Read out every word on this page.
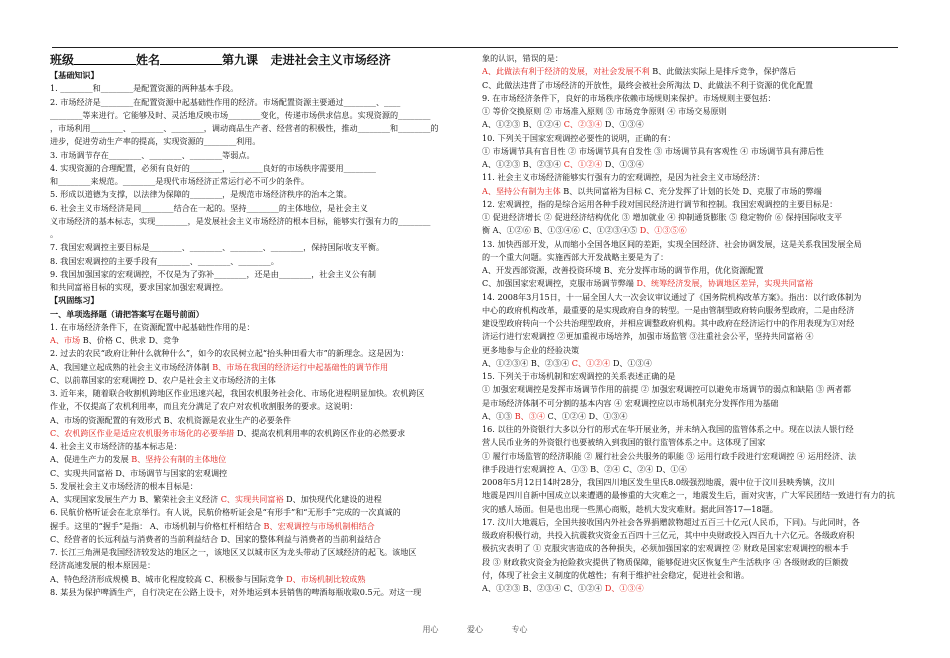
班级	姓名	第九课 走进社会主义市场经济

【基础知识】

1. ________和________是配置资源的两种基本手段。

2. 市场经济是________在配置资源中起基础性作用的经济。市场配置资源主要通过________、____

________等来进行。它能够及时、灵活地反映市场________变化，传递市场供求信息。实现资源的________

，市场利用________、________、________，调动商品生产者、经营者的积极性，推动________和________的

进步，促进劳动生产率的提高，实现资源的________利用。

3. 市场调节存在________、________、________等弱点。

4. 实现资源的合理配置，必须有良好的________，________良好的市场秩序需要用________

和________来规范。________是现代市场经济正常运行必不可少的条件。

5. 形成以道德为支撑，以法律为保障的________，是规范市场经济秩序的治本之策。

6. 社会主义市场经济是同________结合在一起的。坚持________的主体地位，是社会主义

义市场经济的基本标志，实现________，是发展社会主义市场经济的根本目标，能够实行强有力的________

。

7. 我国宏观调控主要目标是________、________、________、________，保持国际收支平衡。

8. 我国宏观调控的主要手段有________、________、________。

9. 我国加强国家的宏观调控，不仅是为了弥补________，还是由________，社会主义公有制

和共同富裕目标的实现，要求国家加强宏观调控。

【巩固练习】

一、单项选择题（请把答案写在题号前面）

1. 在市场经济条件下，在资源配置中起基础性作用的是：

A、市场 B、价格 C、供求 D、竞争

2. 过去的农民“政府让种什么就种什么”，如今的农民树立起“抬头种田看大市”的新理念。这是因为：

A、我国建立起成熟的社会主义市场经济体制 B、市场在我国的经济运行中起基础性的调节作用

C、以前靠国家的宏观调控 D、农户是社会主义市场经济的主体

3. 近年来，随着联合收割机跨地区作业迅速兴起，我国农机服务社会化、市场化进程明显加快。农机跨区

作业，不仅提高了农机利用率，而且充分满足了农户对农机收割服务的要求。这说明：

A、市场的资源配置的有效形式 B、农机资源是农业生产的必要条件

C、农机跨区作业是适应农机服务市场化的必要举措 D、提高农机利用率的农机跨区作业的必然要求

4. 社会主义市场经济的基本标志是：

A、促进生产力的发展 B、坚持公有制的主体地位

C、实现共同富裕 D、市场调节与国家的宏观调控

5. 发展社会主义市场经济的根本目标是：

A、实现国家发展生产力 B、繁荣社会主义经济 C、实现共同富裕 D、加快现代化建设的进程

6. 民航价格听证会在北京举行。有人说，民航价格听证会是“有形手”和“无形手”完成的一次真诚的

握手。这里的“握手”是指： A、市场机制与价格杠杆相结合 B、宏观调控与市场机制相结合

C、经营者的长远利益与消费者的当前利益结合 D、国家的整体利益与消费者的当前利益结合

7. 长江三角洲是我国经济较发达的地区之一，该地区又以城市区为龙头带动了区域经济的起飞。该地区

经济高速发展的根本原因是：

A、特色经济形成规模 B、城市化程度较高 C、积极参与国际竞争 D、市场机制比较成熟

8. 某县为保护啤酒生产，自行决定在公路上设卡，对外地运到本县销售的啤酒每瓶收取0.5元。对这一现

象的认识，错误的是：

A、此做法有利于经济的发展，对社会发展不利 B、此做法实际上是排斥竞争，保护落后

C、此做法违背了市场经济的开放性，最终会被社会所淘汰 D、此做法不利于资源的优化配置

9. 在市场经济条件下，良好的市场秩序依赖市场规则来保护。市场规则主要包括：

① 等价交换原则 ② 市场准入原则 ③ 市场竞争原则 ④ 市场交易原则

A、①②③ B、①②④ C、②③④ D、①③④

10. 下列关于国家宏观调控必要性的说明，正确的有：

① 市场调节具有盲目性 ② 市场调节具有自发性 ③ 市场调节具有客观性 ④ 市场调节具有滞后性

A、①②③ B、②③④ C、①②④ D、①③④

11. 社会主义市场经济能够实行强有力的宏观调控，是因为社会主义市场经济：

A、坚持公有制为主体 B、以共同富裕为目标 C、充分发挥了计划的长处 D、克服了市场的弊端

12. 宏观调控，指的是综合运用各种手段对国民经济进行调节和控制。我国宏观调控的主要目标是：

① 促进经济增长 ② 促进经济结构优化 ③ 增加就业 ④ 抑制通货膨胀 ⑤ 稳定物价 ⑥ 保持国际收支平

衡 A、①②⑥ B、①③④⑥ C、①②③④⑤ D、①③⑤⑥

13. 加快西部开发，从而缩小全国各地区间的差距，实现全国经济、社会协调发展，这是关系我国发展全局

的一个重大问题。实施西部大开发战略主要是为了：

A、开发西部资源，改善投资环境 B、充分发挥市场的调节作用，优化资源配置

C、加强国家宏观调控，克服市场调节弊端 D、统筹经济发展，协调地区差异，实现共同富裕

14. 2008年3月15日，十一届全国人大一次会议审议通过了《国务院机构改革方案》。指出：以行政体制为

中心的政府机构改革，最重要的是实现政府自身的转型。一是由管制型政府转向服务型政府，二是由经济

建设型政府转向一个公共治理型政府，并相应调整政府机构。其中政府在经济运行中的作用表现为①对经

济运行进行宏观调控 ②更加重视市场培养，加强市场监管 ③注重社会公平，坚持共同富裕 ④

更多地参与企业的经验决策

A、①②③④ B、②③④ C、①②④ D、①③④

15. 下列关于市场机制和宏观调控的关系表述正确的是

① 加强宏观调控是发挥市场调节作用的前提 ② 加强宏观调控可以避免市场调节的弱点和缺陷 ③ 两者都

是市场经济体制不可分割的基本内容 ④ 宏观调控应以市场机制充分发挥作用为基础

A、①③ B、③④ C、①②④ D、①③④

16. 以往的外资银行大多以分行的形式在华开展业务，并未纳入我国的监管体系之中。现在以法人银行经

营人民币业务的外资银行也要被纳入到我国的银行监管体系之中。这体现了国家

① 履行市场监管的经济职能 ② 履行社会公共服务的职能 ③ 运用行政手段进行宏观调控 ④ 运用经济、法

律手段进行宏观调控 A、①③ B、②④ C、②④ D、①④

2008年5月12日14时28分，我国四川地区发生里氏8.0级强烈地震，震中位于汶川县映秀镇，汶川

地震是四川自新中国成立以来遭遇的最惨重的大灾难之一，地震发生后，面对灾害，广大军民团结一致进行有力的抗

灾的感人场面。但是也出现一些黑心商贩，趁机大发灾难财。据此回答17—18题。

17. 汶川大地震后，全国共接收国内外社会各界捐赠款物超过五百三十亿元(人民币，下同)。与此同时，各

级政府积极行动，共投入抗震救灾资金五百四十三亿元，其中中央财政投入四百九十六亿元。各级政府积

极抗灾表明了 ① 克服灾害造成的各种损失，必须加强国家的宏观调控 ② 财政是国家宏观调控的根本手

段 ③ 财政救灾资金为抢险救灾提供了物质保障，能够促进灾区恢复生产生活秩序 ④ 各级财政的巨额拨

付，体现了社会主义制度的优越性；有利于维护社会稳定，促进社会和谐。

A、①②③ B、②③④ C、①②④ D、①③④

用心 爱心 专心
